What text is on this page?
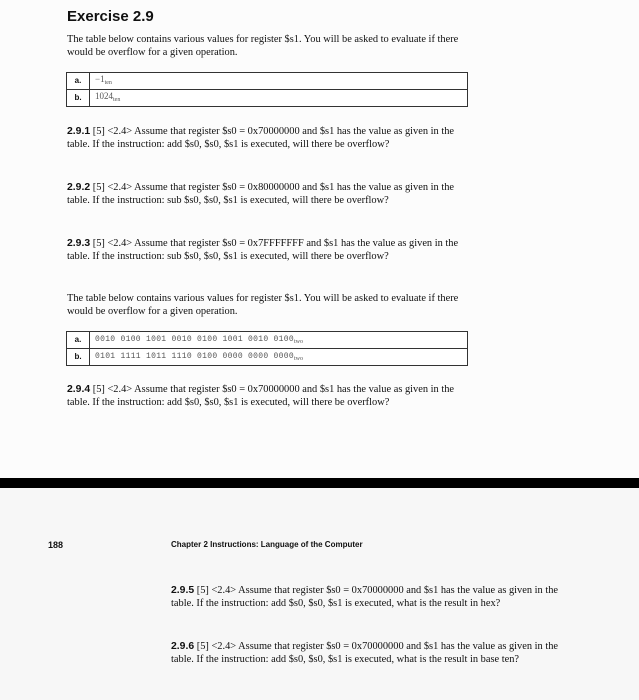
Exercise 2.9

The table below contains various values for register $s1. You will be asked to evaluate if there would be overflow for a given operation.

a.	$-1_{ten}$
b.	$1024_{ten}$

2.9.1 [5] <2.4> Assume that register $s0 = 0x70000000 and $s1 has the value as given in the table. If the instruction: add $s0, $s0, $s1 is executed, will there be overflow?

2.9.2 [5] <2.4> Assume that register $s0 = 0x80000000 and $s1 has the value as given in the table. If the instruction: sub $s0, $s0, $s1 is executed, will there be overflow?

2.9.3 [5] <2.4> Assume that register $s0 = 0x7FFFFFFF and $s1 has the value as given in the table. If the instruction: sub $s0, $s0, $s1 is executed, will there be overflow?

The table below contains various values for register $s1. You will be asked to evaluate if there would be overflow for a given operation.

a.	0010 0100 1001 0010 0100 1001 0010 $0100_{two}$
b.	0101 1111 1011 1110 0100 0000 0000 $0000_{two}$

2.9.4 [5] <2.4> Assume that register $s0 = 0x70000000 and $s1 has the value as given in the table. If the instruction: add $s0, $s0, $s1 is executed, will there be overflow?

188	Chapter 2 Instructions: Language of the Computer

2.9.5 [5] <2.4> Assume that register $s0 = 0x70000000 and $s1 has the value as given in the table. If the instruction: add $s0, $s0, $s1 is executed, what is the result in hex?

2.9.6 [5] <2.4> Assume that register $s0 = 0x70000000 and $s1 has the value as given in the table. If the instruction: add $s0, $s0, $s1 is executed, what is the result in base ten?
